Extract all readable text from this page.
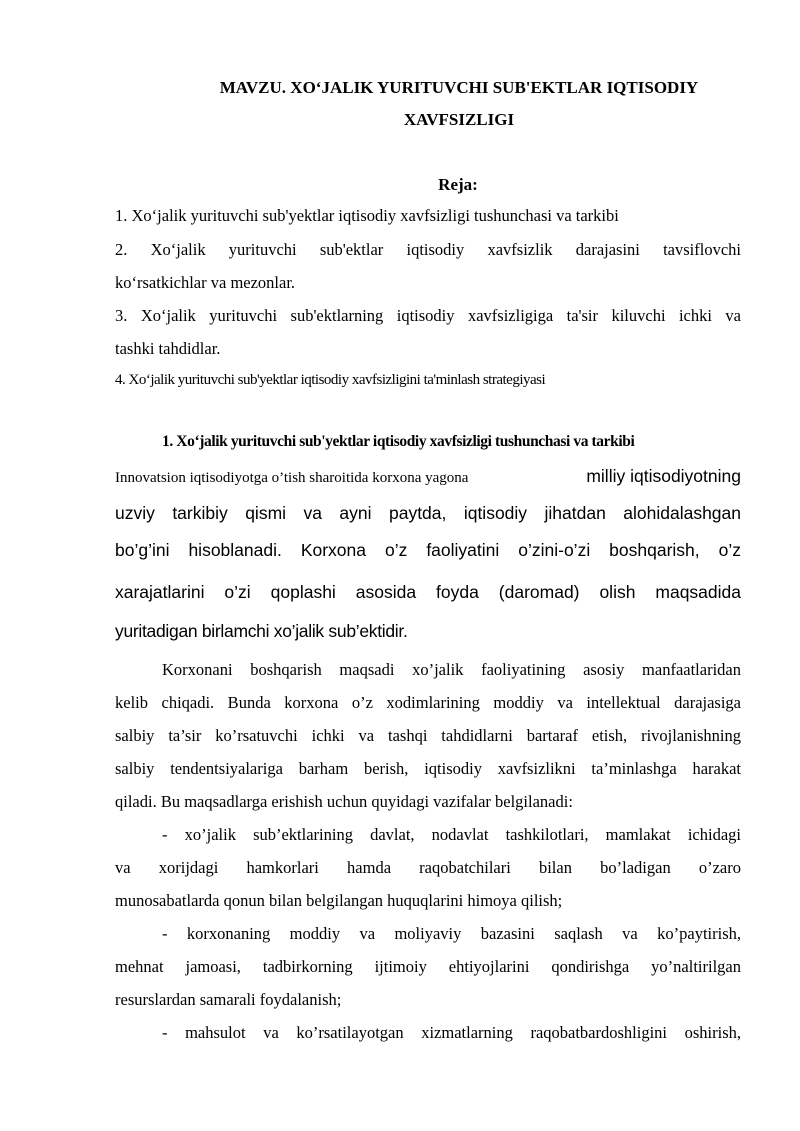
MAVZU. XO‘JALIK YURITUVCHI SUB'EKTLAR IQTISODIY
XAVFSIZLIGI
Reja:
1. Xo‘jalik yurituvchi sub'yektlar iqtisodiy xavfsizligi tushunchasi va tarkibi
2. Xo‘jalik yurituvchi sub'ektlar iqtisodiy xavfsizlik darajasini tavsiflovchi
ko‘rsatkichlar va mezonlar.
3. Xo‘jalik yurituvchi sub'ektlarning iqtisodiy xavfsizligiga ta'sir kiluvchi ichki va
tashki tahdidlar.
4. Xo‘jalik yurituvchi sub'yektlar iqtisodiy xavfsizligini ta'minlash strategiyasi
1. Xo‘jalik yurituvchi sub'yektlar iqtisodiy xavfsizligi tushunchasi va tarkibi
Innovatsion iqtisodiyotga o’tish sharoitida korxona yagona	milliy iqtisodiyotning
uzviy tarkibiy qismi va ayni paytda, iqtisodiy jihatdan alohidalashgan
bo’g’ini hisoblanadi. Korxona o’z faoliyatini o’zini-o’zi boshqarish, o’z
xarajatlarini o’zi qoplashi asosida foyda (daromad) olish maqsadida
yuritadigan birlamchi xo’jalik sub’ektidir.
Korxonani boshqarish maqsadi xo’jalik faoliyatining asosiy manfaatlaridan
kelib chiqadi. Bunda korxona o’z xodimlarining moddiy va intellektual darajasiga
salbiy ta’sir ko’rsatuvchi ichki va tashqi tahdidlarni bartaraf etish, rivojlanishning
salbiy tendentsiyalariga barham berish, iqtisodiy xavfsizlikni ta’minlashga harakat
qiladi. Bu maqsadlarga erishish uchun quyidagi vazifalar belgilanadi:
- xo’jalik sub’ektlarining davlat, nodavlat tashkilotlari, mamlakat ichidagi
va xorijdagi hamkorlari hamda raqobatchilari bilan bo’ladigan o’zaro
munosabatlarda qonun bilan belgilangan huquqlarini himoya qilish;
- korxonaning moddiy va moliyaviy bazasini saqlash va ko’paytirish,
mehnat jamoasi, tadbirkorning ijtimoiy ehtiyojlarini qondirishga yo’naltirilgan
resurslardan samarali foydalanish;
- mahsulot va ko’rsatilayotgan xizmatlarning raqobatbardoshligini oshirish,
